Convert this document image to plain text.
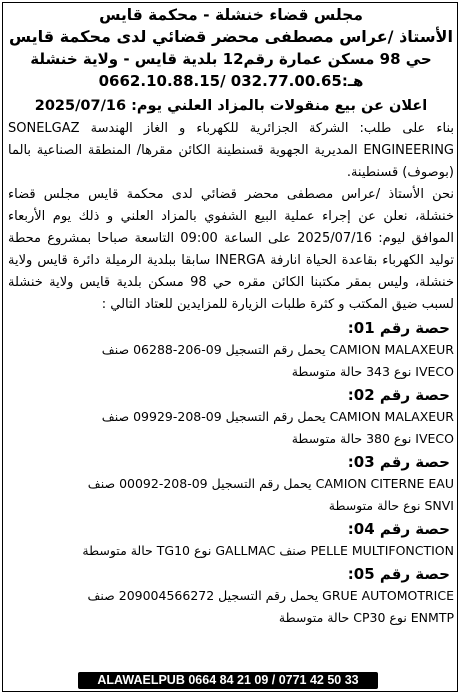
مجلس قضاء خنشلة - محكمة قايس

الأستاذ /عراس مصطفى محضر قضائي لدى محكمة قايس

حي 98 مسكن عمارة رقم12 بلدية قايس - ولاية خنشلة

هـ:032.77.00.65 /0662.10.88.15
اعلان عن بيع منقولات بالمزاد العلني يوم: 2025/07/16

بناء على طلب: الشركة الجزائرية للكهرباء و الغاز الهندسة SONELGAZ ENGINEERING المديرية الجهوية قسنطينة الكائن مقرها/ المنطقة الصناعية بالما (بوصوف) قسنطينة.

نحن الأستاذ /عراس مصطفى محضر قضائي لدى محكمة قايس مجلس قضاء خنشلة، نعلن عن إجراء عملية البيع الشفوي بالمزاد العلني و ذلك يوم الأربعاء الموافق ليوم: 2025/07/16 على الساعة 09:00 التاسعة صباحا بمشروع محطة توليد الكهرباء بقاعدة الحياة انارفة INERGA سابقا ببلدية الرميلة دائرة قايس ولاية خنشلة، وليس بمقر مكتبنا الكائن مقره حي 98 مسكن بلدية قايس ولاية خنشلة لسبب ضيق المكتب و كثرة طلبات الزيارة للمزايدين للعتاد التالي :

حصة رقم 01:
CAMION MALAXEUR يحمل رقم التسجيل 09-206-06288 صنف
IVECO نوع 343 حالة متوسطة
حصة رقم 02:
CAMION MALAXEUR يحمل رقم التسجيل 09-208-09929 صنف
IVECO نوع 380 حالة متوسطة
حصة رقم 03:
CAMION CITERNE EAU يحمل رقم التسجيل 09-208-00092 صنف
SNVI نوع حالة متوسطة
حصة رقم 04:
PELLE MULTIFONCTION صنف GALLMAC نوع TG10 حالة متوسطة
حصة رقم 05:
GRUE AUTOMOTRICE يحمل رقم التسجيل 209004566272 صنف
ENMTP نوع CP30 حالة متوسطة
ALAWAELPUB 0664 84 21 09 / 0771 42 50 33
